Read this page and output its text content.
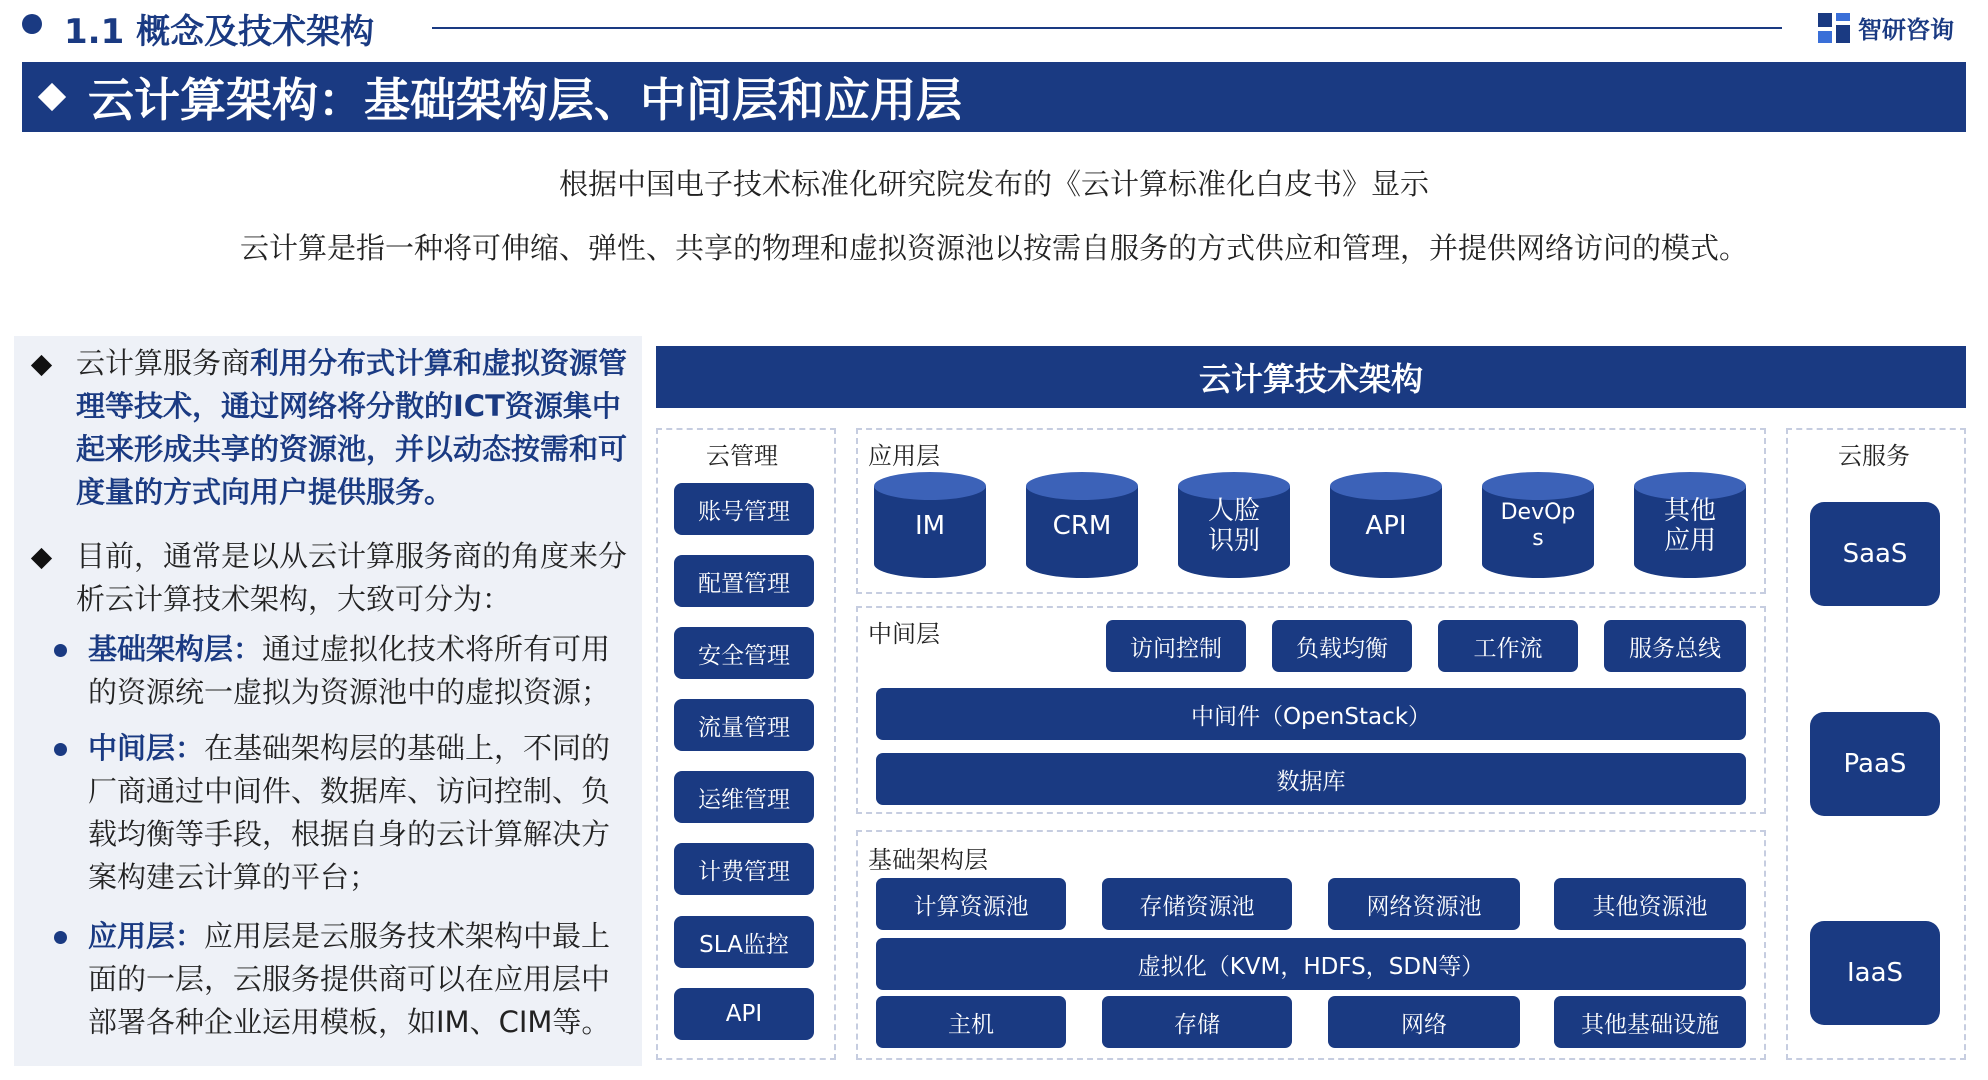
1.1 概念及技术架构	智研咨询
云计算架构：基础架构层、中间层和应用层
根据中国电子技术标准化研究院发布的《云计算标准化白皮书》显示
云计算是指一种将可伸缩、弹性、共享的物理和虚拟资源池以按需自服务的方式供应和管理，并提供网络访问的模式。
云计算服务商利用分布式计算和虚拟资源管理等技术，通过网络将分散的ICT资源集中起来形成共享的资源池，并以动态按需和可度量的方式向用户提供服务。
目前，通常是以从云计算服务商的角度来分析云计算技术架构，大致可分为：
基础架构层：通过虚拟化技术将所有可用的资源统一虚拟为资源池中的虚拟资源；
中间层：在基础架构层的基础上，不同的厂商通过中间件、数据库、访问控制、负载均衡等手段，根据自身的云计算解决方案构建云计算的平台；
应用层：应用层是云服务技术架构中最上面的一层，云服务提供商可以在应用层中部署各种企业运用模板，如IM、CIM等。
云计算技术架构
云管理
账号管理
配置管理
安全管理
流量管理
运维管理
计费管理
SLA监控
API
应用层
IM	CRM	人脸
识别	API	DevOp
s
其他
应用
中间层
访问控制	负载均衡	工作流	服务总线
中间件（OpenStack）
数据库
基础架构层
计算资源池	存储资源池	网络资源池	其他资源池
虚拟化（KVM，HDFS，SDN等）
主机	存储	网络	其他基础设施
云服务
SaaS
PaaS
IaaS
